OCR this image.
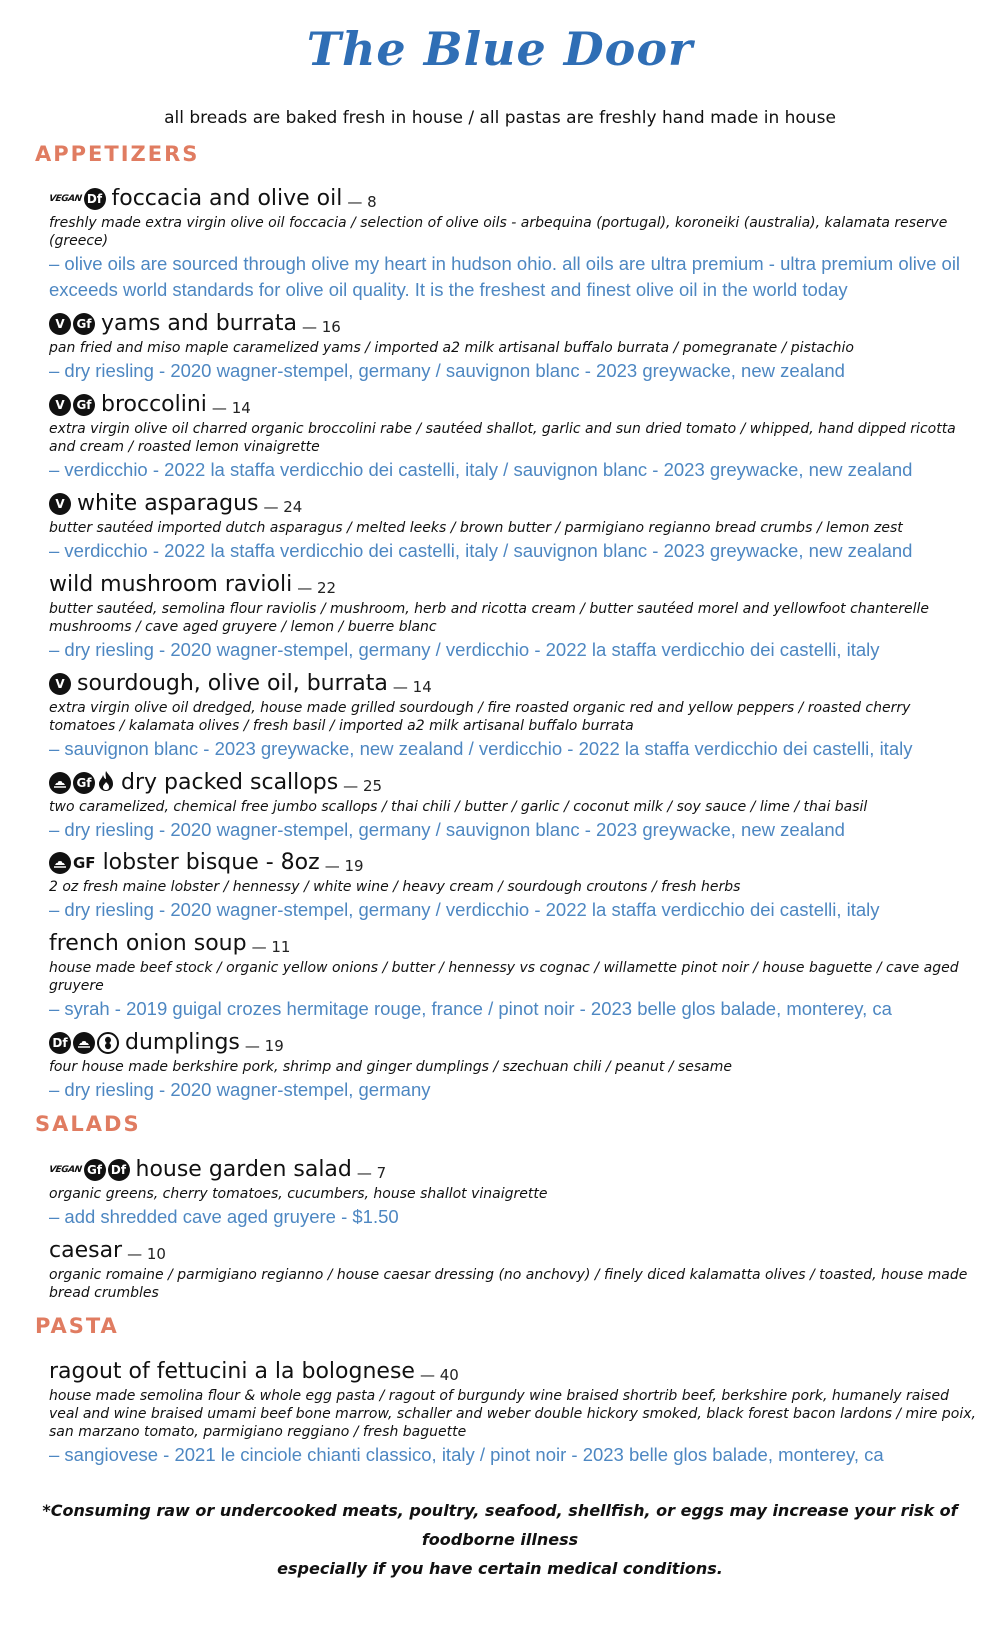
The Blue Door
all breads are baked fresh in house / all pastas are freshly hand made in house
APPETIZERS
VEGAN Df foccacia and olive oil — 8
freshly made extra virgin olive oil foccacia / selection of olive oils - arbequina (portugal), koroneiki (australia), kalamata reserve (greece)
– olive oils are sourced through olive my heart in hudson ohio. all oils are ultra premium - ultra premium olive oil exceeds world standards for olive oil quality. It is the freshest and finest olive oil in the world today
V Gf yams and burrata — 16
pan fried and miso maple caramelized yams / imported a2 milk artisanal buffalo burrata / pomegranate / pistachio
– dry riesling - 2020 wagner-stempel, germany / sauvignon blanc - 2023 greywacke, new zealand
V Gf broccolini — 14
extra virgin olive oil charred organic broccolini rabe / sautéed shallot, garlic and sun dried tomato / whipped, hand dipped ricotta and cream / roasted lemon vinaigrette
– verdicchio - 2022 la staffa verdicchio dei castelli, italy / sauvignon blanc - 2023 greywacke, new zealand
V white asparagus — 24
butter sautéed imported dutch asparagus / melted leeks / brown butter / parmigiano regianno bread crumbs / lemon zest
– verdicchio - 2022 la staffa verdicchio dei castelli, italy / sauvignon blanc - 2023 greywacke, new zealand
wild mushroom ravioli — 22
butter sautéed, semolina flour raviolis / mushroom, herb and ricotta cream / butter sautéed morel and yellowfoot chanterelle mushrooms / cave aged gruyere / lemon / buerre blanc
– dry riesling - 2020 wagner-stempel, germany / verdicchio - 2022 la staffa verdicchio dei castelli, italy
V sourdough, olive oil, burrata — 14
extra virgin olive oil dredged, house made grilled sourdough / fire roasted organic red and yellow peppers / roasted cherry tomatoes / kalamata olives / fresh basil / imported a2 milk artisanal buffalo burrata
– sauvignon blanc - 2023 greywacke, new zealand / verdicchio - 2022 la staffa verdicchio dei castelli, italy
Gf dry packed scallops — 25
two caramelized, chemical free jumbo scallops / thai chili / butter / garlic / coconut milk / soy sauce / lime / thai basil
– dry riesling - 2020 wagner-stempel, germany / sauvignon blanc - 2023 greywacke, new zealand
GF lobster bisque - 8oz — 19
2 oz fresh maine lobster / hennessy / white wine / heavy cream / sourdough croutons / fresh herbs
– dry riesling - 2020 wagner-stempel, germany / verdicchio - 2022 la staffa verdicchio dei castelli, italy
french onion soup — 11
house made beef stock / organic yellow onions / butter / hennessy vs cognac / willamette pinot noir / house baguette / cave aged gruyere
– syrah - 2019 guigal crozes hermitage rouge, france / pinot noir - 2023 belle glos balade, monterey, ca
Df	dumplings — 19
four house made berkshire pork, shrimp and ginger dumplings / szechuan chili / peanut / sesame
– dry riesling - 2020 wagner-stempel, germany
SALADS
VEGAN Gf Df house garden salad — 7
organic greens, cherry tomatoes, cucumbers, house shallot vinaigrette
– add shredded cave aged gruyere - $1.50
caesar — 10
organic romaine / parmigiano regianno / house caesar dressing (no anchovy) / finely diced kalamatta olives / toasted, house made bread crumbles
PASTA
ragout of fettucini a la bolognese — 40
house made semolina flour & whole egg pasta / ragout of burgundy wine braised shortrib beef, berkshire pork, humanely raised veal and wine braised umami beef bone marrow, schaller and weber double hickory smoked, black forest bacon lardons / mire poix, san marzano tomato, parmigiano reggiano / fresh baguette
– sangiovese - 2021 le cinciole chianti classico, italy / pinot noir - 2023 belle glos balade, monterey, ca
*Consuming raw or undercooked meats, poultry, seafood, shellfish, or eggs may increase your risk of foodborne illness
especially if you have certain medical conditions.
